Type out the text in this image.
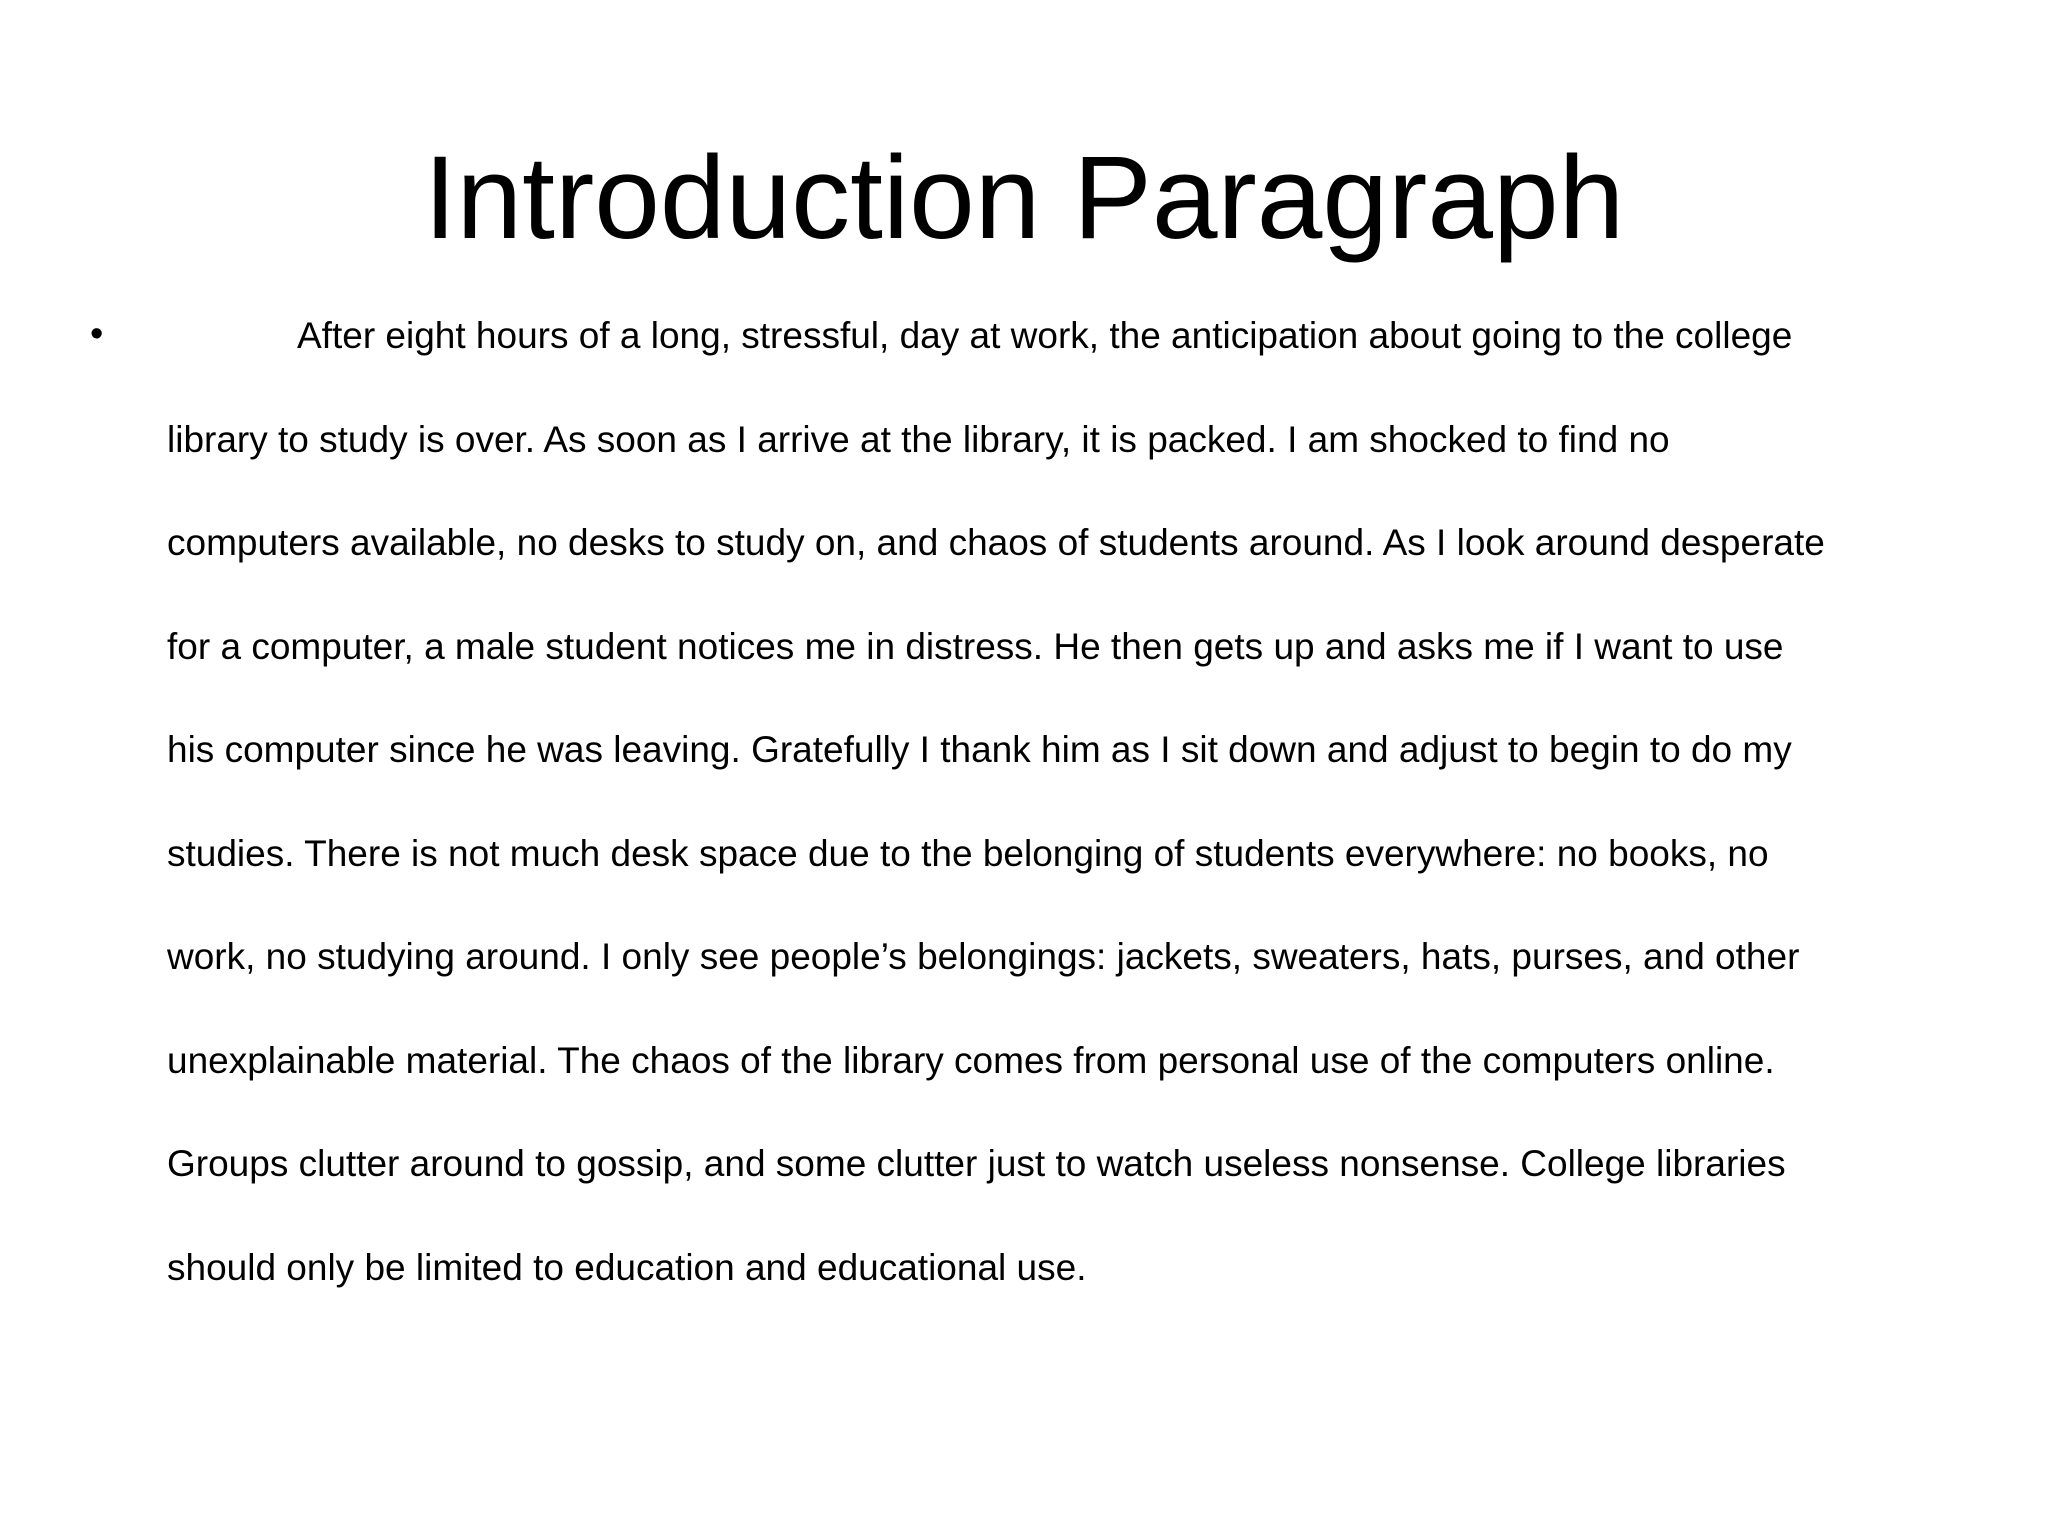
Introduction Paragraph
•	After eight hours of a long, stressful, day at work, the anticipation about going to the college
library to study is over. As soon as I arrive at the library, it is packed. I am shocked to find no
computers available, no desks to study on, and chaos of students around. As I look around desperate
for a computer, a male student notices me in distress. He then gets up and asks me if I want to use
his computer since he was leaving. Gratefully I thank him as I sit down and adjust to begin to do my
studies. There is not much desk space due to the belonging of students everywhere: no books, no
work, no studying around. I only see people’s belongings: jackets, sweaters, hats, purses, and other
unexplainable material. The chaos of the library comes from personal use of the computers online.
Groups clutter around to gossip, and some clutter just to watch useless nonsense. College libraries
should only be limited to education and educational use.
